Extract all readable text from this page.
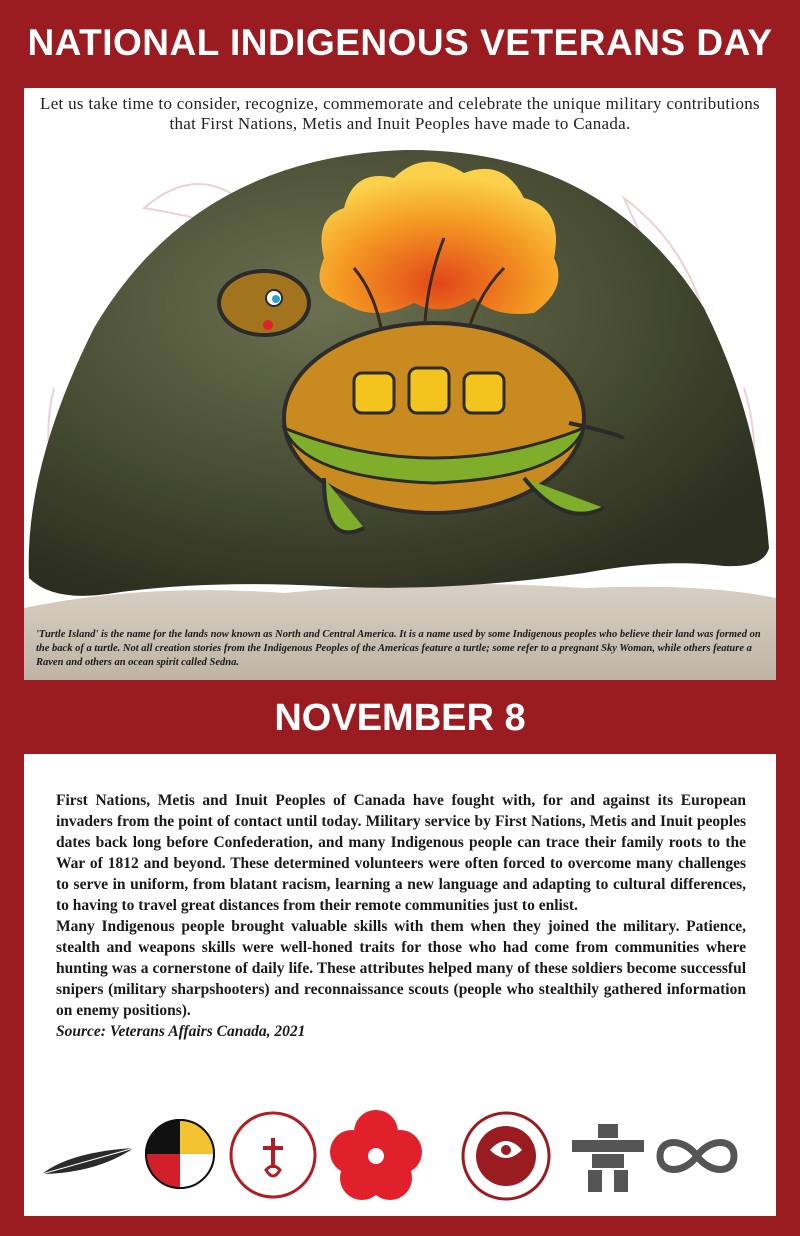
NATIONAL INDIGENOUS VETERANS DAY
Let us take time to consider, recognize, commemorate and celebrate the unique military contributions that First Nations, Metis and Inuit Peoples have made to Canada.
'Turtle Island' is the name for the lands now known as North and Central America. It is a name used by some Indigenous peoples who believe their land was formed on the back of a turtle. Not all creation stories from the Indigenous Peoples of the Americas feature a turtle; some refer to a pregnant Sky Woman, while others feature a Raven and others an ocean spirit called Sedna.
NOVEMBER 8

First Nations, Metis and Inuit Peoples of Canada have fought with, for and against its European invaders from the point of contact until today. Military service by First Nations, Metis and Inuit peoples dates back long before Confederation, and many Indigenous people can trace their family roots to the War of 1812 and beyond. These determined volunteers were often forced to overcome many challenges to serve in uniform, from blatant racism, learning a new language and adapting to cultural differences, to having to travel great distances from their remote communities just to enlist.

Many Indigenous people brought valuable skills with them when they joined the military. Patience, stealth and weapons skills were well-honed traits for those who had come from communities where hunting was a cornerstone of daily life. These attributes helped many of these soldiers become successful snipers (military sharpshooters) and reconnaissance scouts (people who stealthily gathered information on enemy positions).

Source: Veterans Affairs Canada, 2021
